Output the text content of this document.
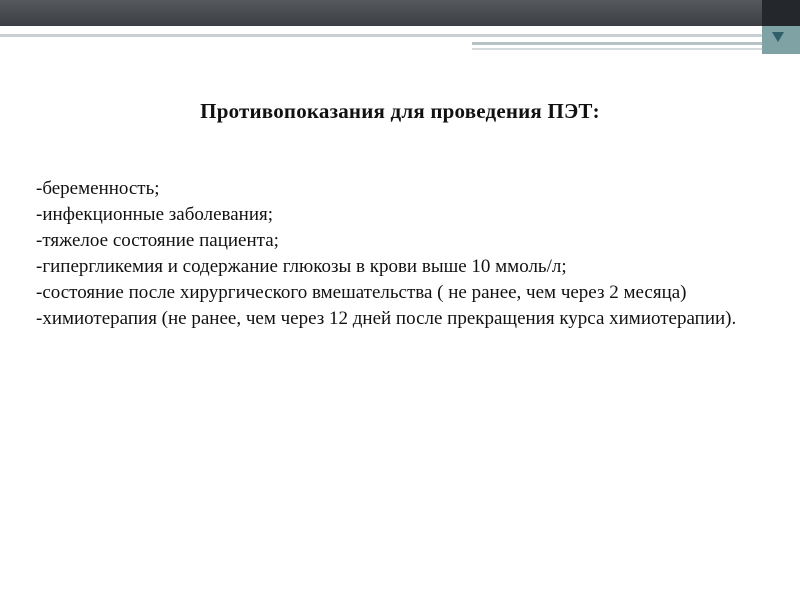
Противопоказания для проведения ПЭТ:
-беременность;
-инфекционные заболевания;
-тяжелое состояние пациента;
-гипергликемия и содержание глюкозы в крови выше 10 ммоль/л;
-состояние после хирургического вмешательства ( не ранее, чем через 2 месяца)
-химиотерапия (не ранее, чем через 12 дней после прекращения курса химиотерапии).
